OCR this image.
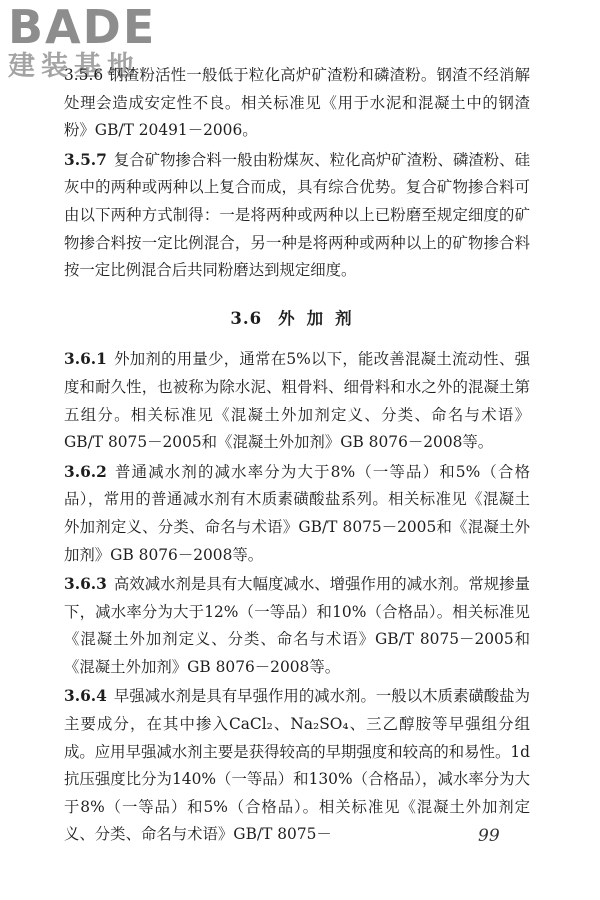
BADE
建装基地

3.5.6 钢渣粉活性一般低于粒化高炉矿渣粉和磷渣粉。钢渣不经消解处理会造成安定性不良。相关标准见《用于水泥和混凝土中的钢渣粉》GB/T 20491－2006。

3.5.7 复合矿物掺合料一般由粉煤灰、粒化高炉矿渣粉、磷渣粉、硅灰中的两种或两种以上复合而成，具有综合优势。复合矿物掺合料可由以下两种方式制得：一是将两种或两种以上已粉磨至规定细度的矿物掺合料按一定比例混合，另一种是将两种或两种以上的矿物掺合料按一定比例混合后共同粉磨达到规定细度。

3.6 外加剂

3.6.1 外加剂的用量少，通常在5%以下，能改善混凝土流动性、强度和耐久性，也被称为除水泥、粗骨料、细骨料和水之外的混凝土第五组分。相关标准见《混凝土外加剂定义、分类、命名与术语》GB/T 8075－2005和《混凝土外加剂》GB 8076－2008等。

3.6.2 普通减水剂的减水率分为大于8%（一等品）和5%（合格品），常用的普通减水剂有木质素磺酸盐系列。相关标准见《混凝土外加剂定义、分类、命名与术语》GB/T 8075－2005和《混凝土外加剂》GB 8076－2008等。

3.6.3 高效减水剂是具有大幅度减水、增强作用的减水剂。常规掺量下，减水率分为大于12%（一等品）和10%（合格品）。相关标准见《混凝土外加剂定义、分类、命名与术语》GB/T 8075－2005和《混凝土外加剂》GB 8076－2008等。

3.6.4 早强减水剂是具有早强作用的减水剂。一般以木质素磺酸盐为主要成分，在其中掺入CaCl₂、Na₂SO₄、三乙醇胺等早强组分组成。应用早强减水剂主要是获得较高的早期强度和较高的和易性。1d抗压强度比分为140%（一等品）和130%（合格品），减水率分为大于8%（一等品）和5%（合格品）。相关标准见《混凝土外加剂定义、分类、命名与术语》GB/T 8075－	99
